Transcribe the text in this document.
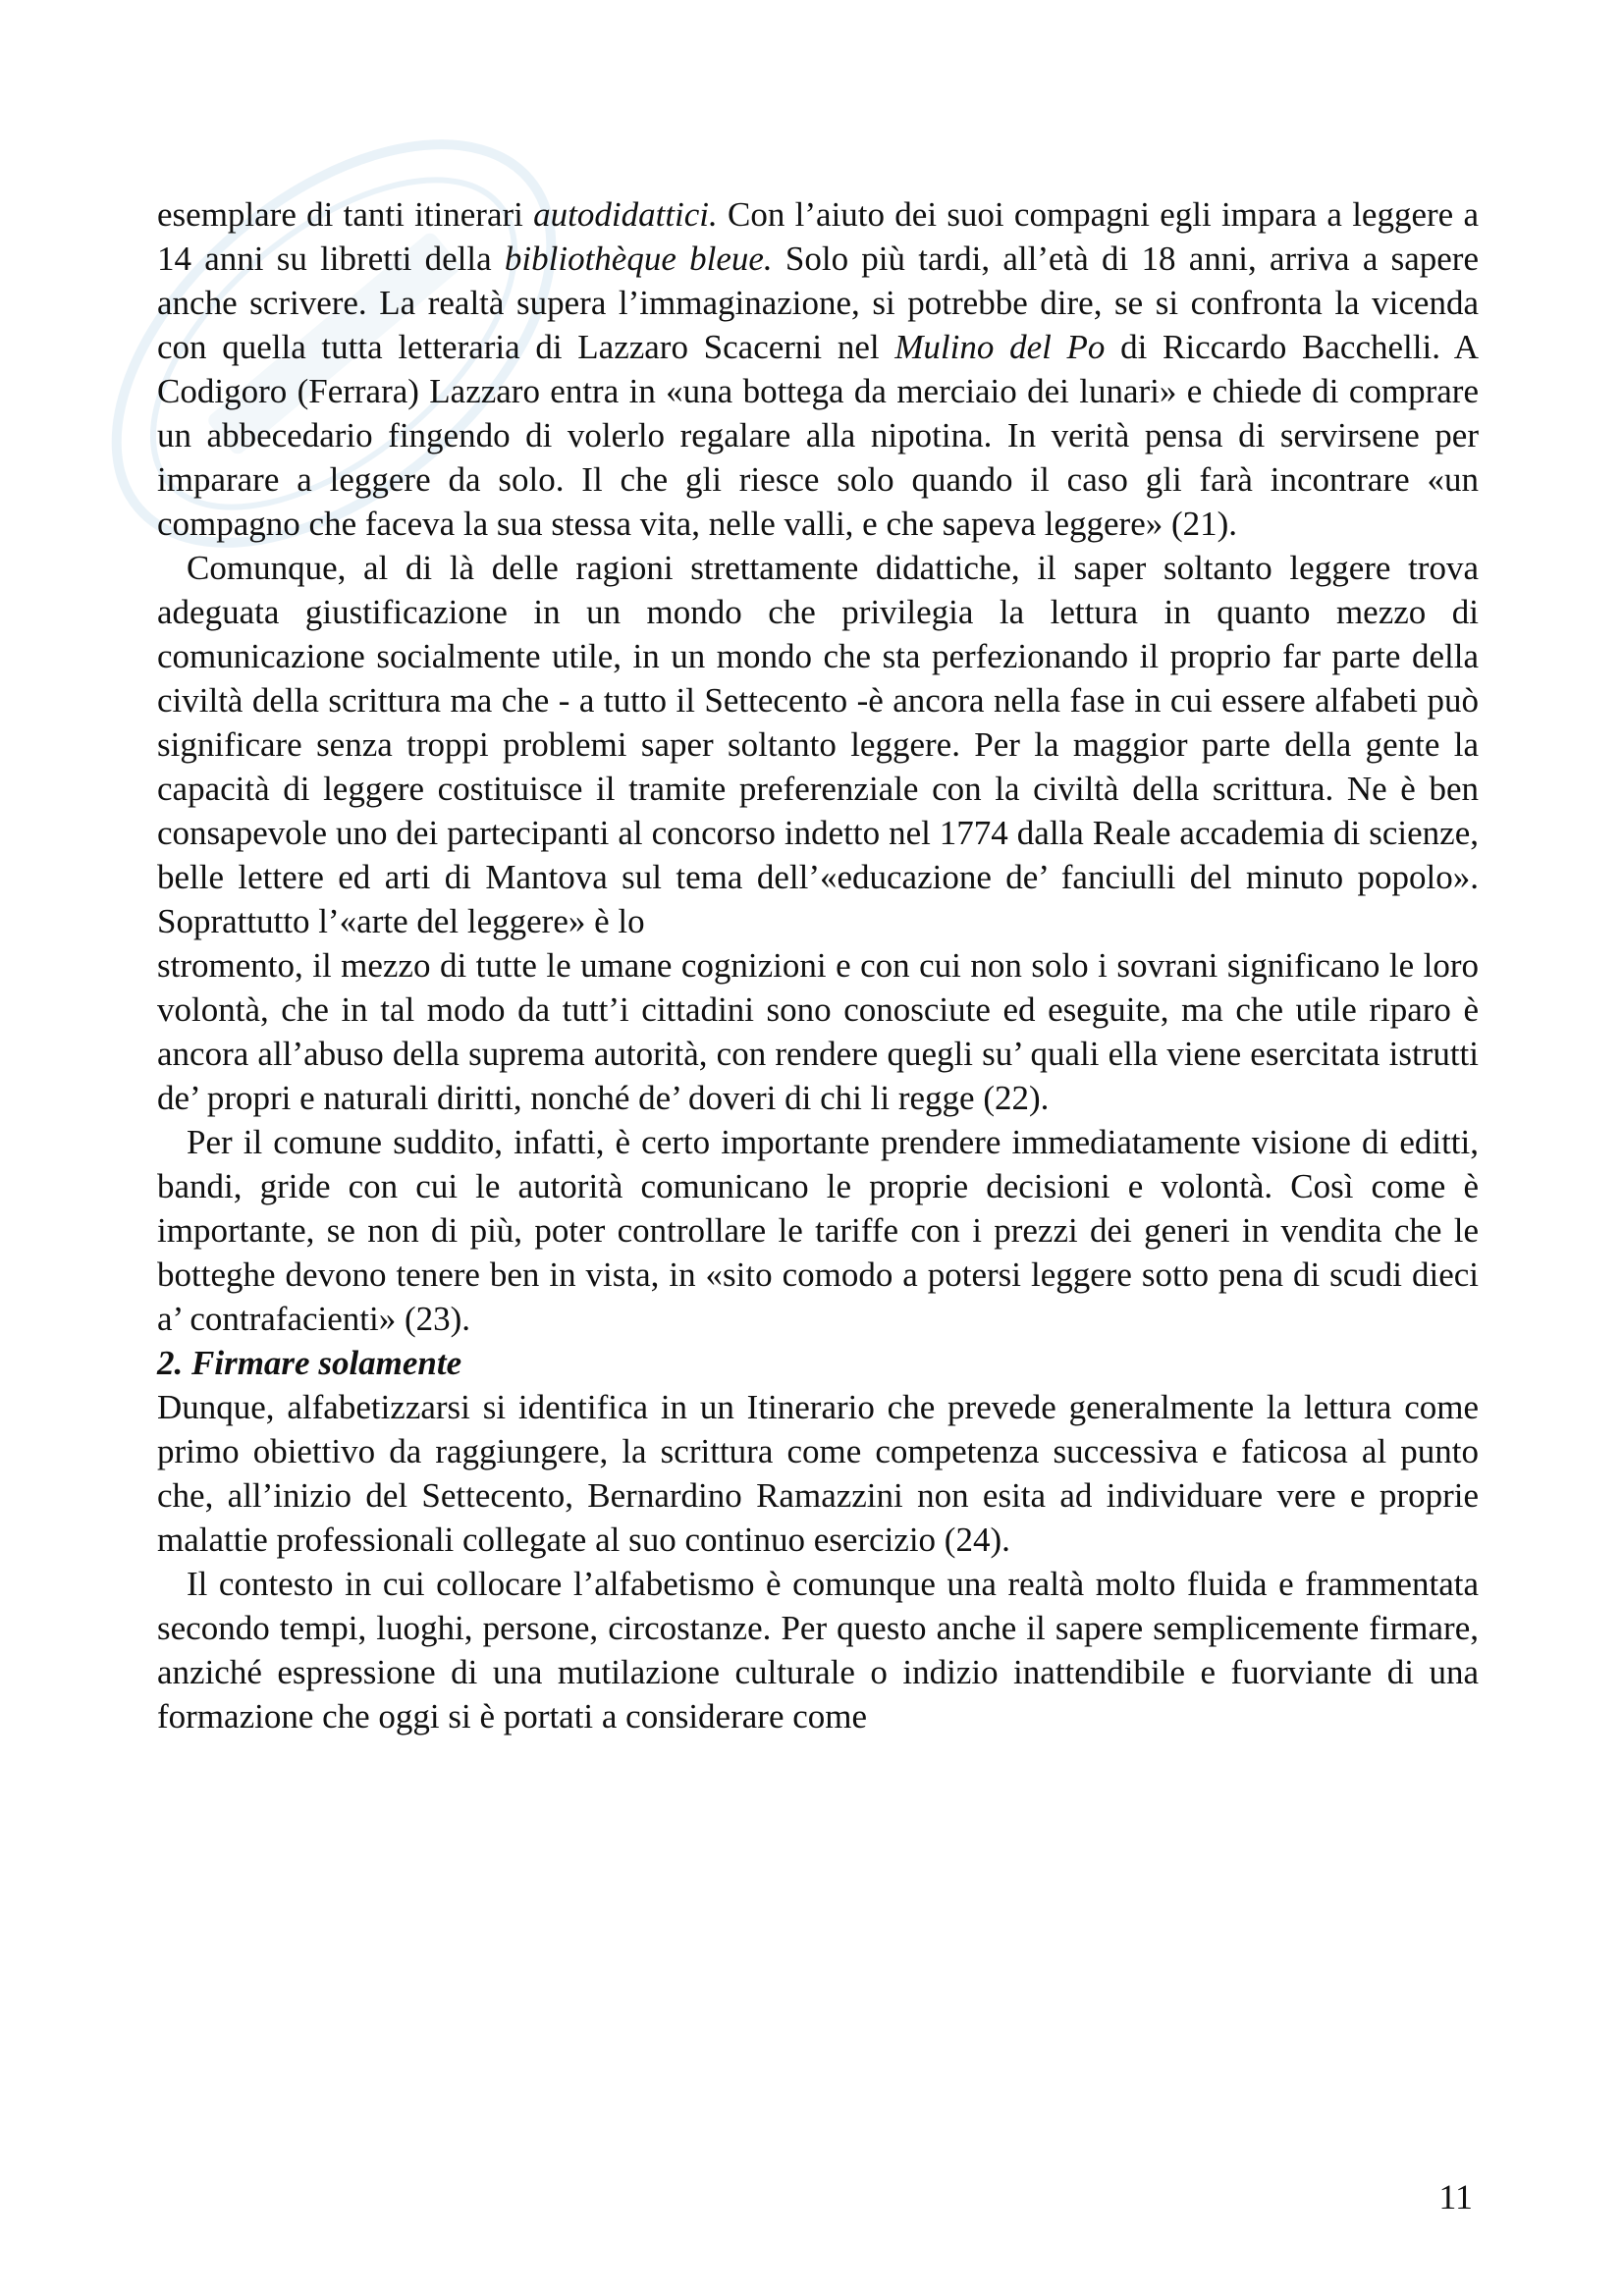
esemplare di tanti itinerari autodidattici. Con l’aiuto dei suoi compagni egli impara a leggere a 14 anni su libretti della bibliothèque bleue. Solo più tardi, all’età di 18 anni, arriva a sapere anche scrivere. La realtà supera l’immaginazione, si potrebbe dire, se si confronta la vicenda con quella tutta letteraria di Lazzaro Scacerni nel Mulino del Po di Riccardo Bacchelli. A Codigoro (Ferrara) Lazzaro entra in «una bottega da merciaio dei lunari» e chiede di comprare un abbecedario fingendo di volerlo regalare alla nipotina. In verità pensa di servirsene per imparare a leggere da solo. Il che gli riesce solo quando il caso gli farà incontrare «un compagno che faceva la sua stessa vita, nelle valli, e che sapeva leggere» (21).

Comunque, al di là delle ragioni strettamente didattiche, il saper soltanto leggere trova adeguata giustificazione in un mondo che privilegia la lettura in quanto mezzo di comunicazione socialmente utile, in un mondo che sta perfezionando il proprio far parte della civiltà della scrittura ma che - a tutto il Settecento -è ancora nella fase in cui essere alfabeti può significare senza troppi problemi saper soltanto leggere. Per la maggior parte della gente la capacità di leggere costituisce il tramite preferenziale con la civiltà della scrittura. Ne è ben consapevole uno dei partecipanti al concorso indetto nel 1774 dalla Reale accademia di scienze, belle lettere ed arti di Mantova sul tema dell’«educazione de’ fanciulli del minuto popolo». Soprattutto l’«arte del leggere» è lo

stromento, il mezzo di tutte le umane cognizioni e con cui non solo i sovrani significano le loro volontà, che in tal modo da tutt’i cittadini sono conosciute ed eseguite, ma che utile riparo è ancora all’abuso della suprema autorità, con rendere quegli su’ quali ella viene esercitata istrutti de’ propri e naturali diritti, nonché de’ doveri di chi li regge (22).

Per il comune suddito, infatti, è certo importante prendere immediatamente visione di editti, bandi, gride con cui le autorità comunicano le proprie decisioni e volontà. Così come è importante, se non di più, poter controllare le tariffe con i prezzi dei generi in vendita che le botteghe devono tenere ben in vista, in «sito comodo a potersi leggere sotto pena di scudi dieci a’ contrafacienti» (23).

2. Firmare solamente

Dunque, alfabetizzarsi si identifica in un Itinerario che prevede generalmente la lettura come primo obiettivo da raggiungere, la scrittura come competenza successiva e faticosa al punto che, all’inizio del Settecento, Bernardino Ramazzini non esita ad individuare vere e proprie malattie professionali collegate al suo continuo esercizio (24).

Il contesto in cui collocare l’alfabetismo è comunque una realtà molto fluida e frammentata secondo tempi, luoghi, persone, circostanze. Per questo anche il sapere semplicemente firmare, anziché espressione di una mutilazione culturale o indizio inattendibile e fuorviante di una formazione che oggi si è portati a considerare come

11
